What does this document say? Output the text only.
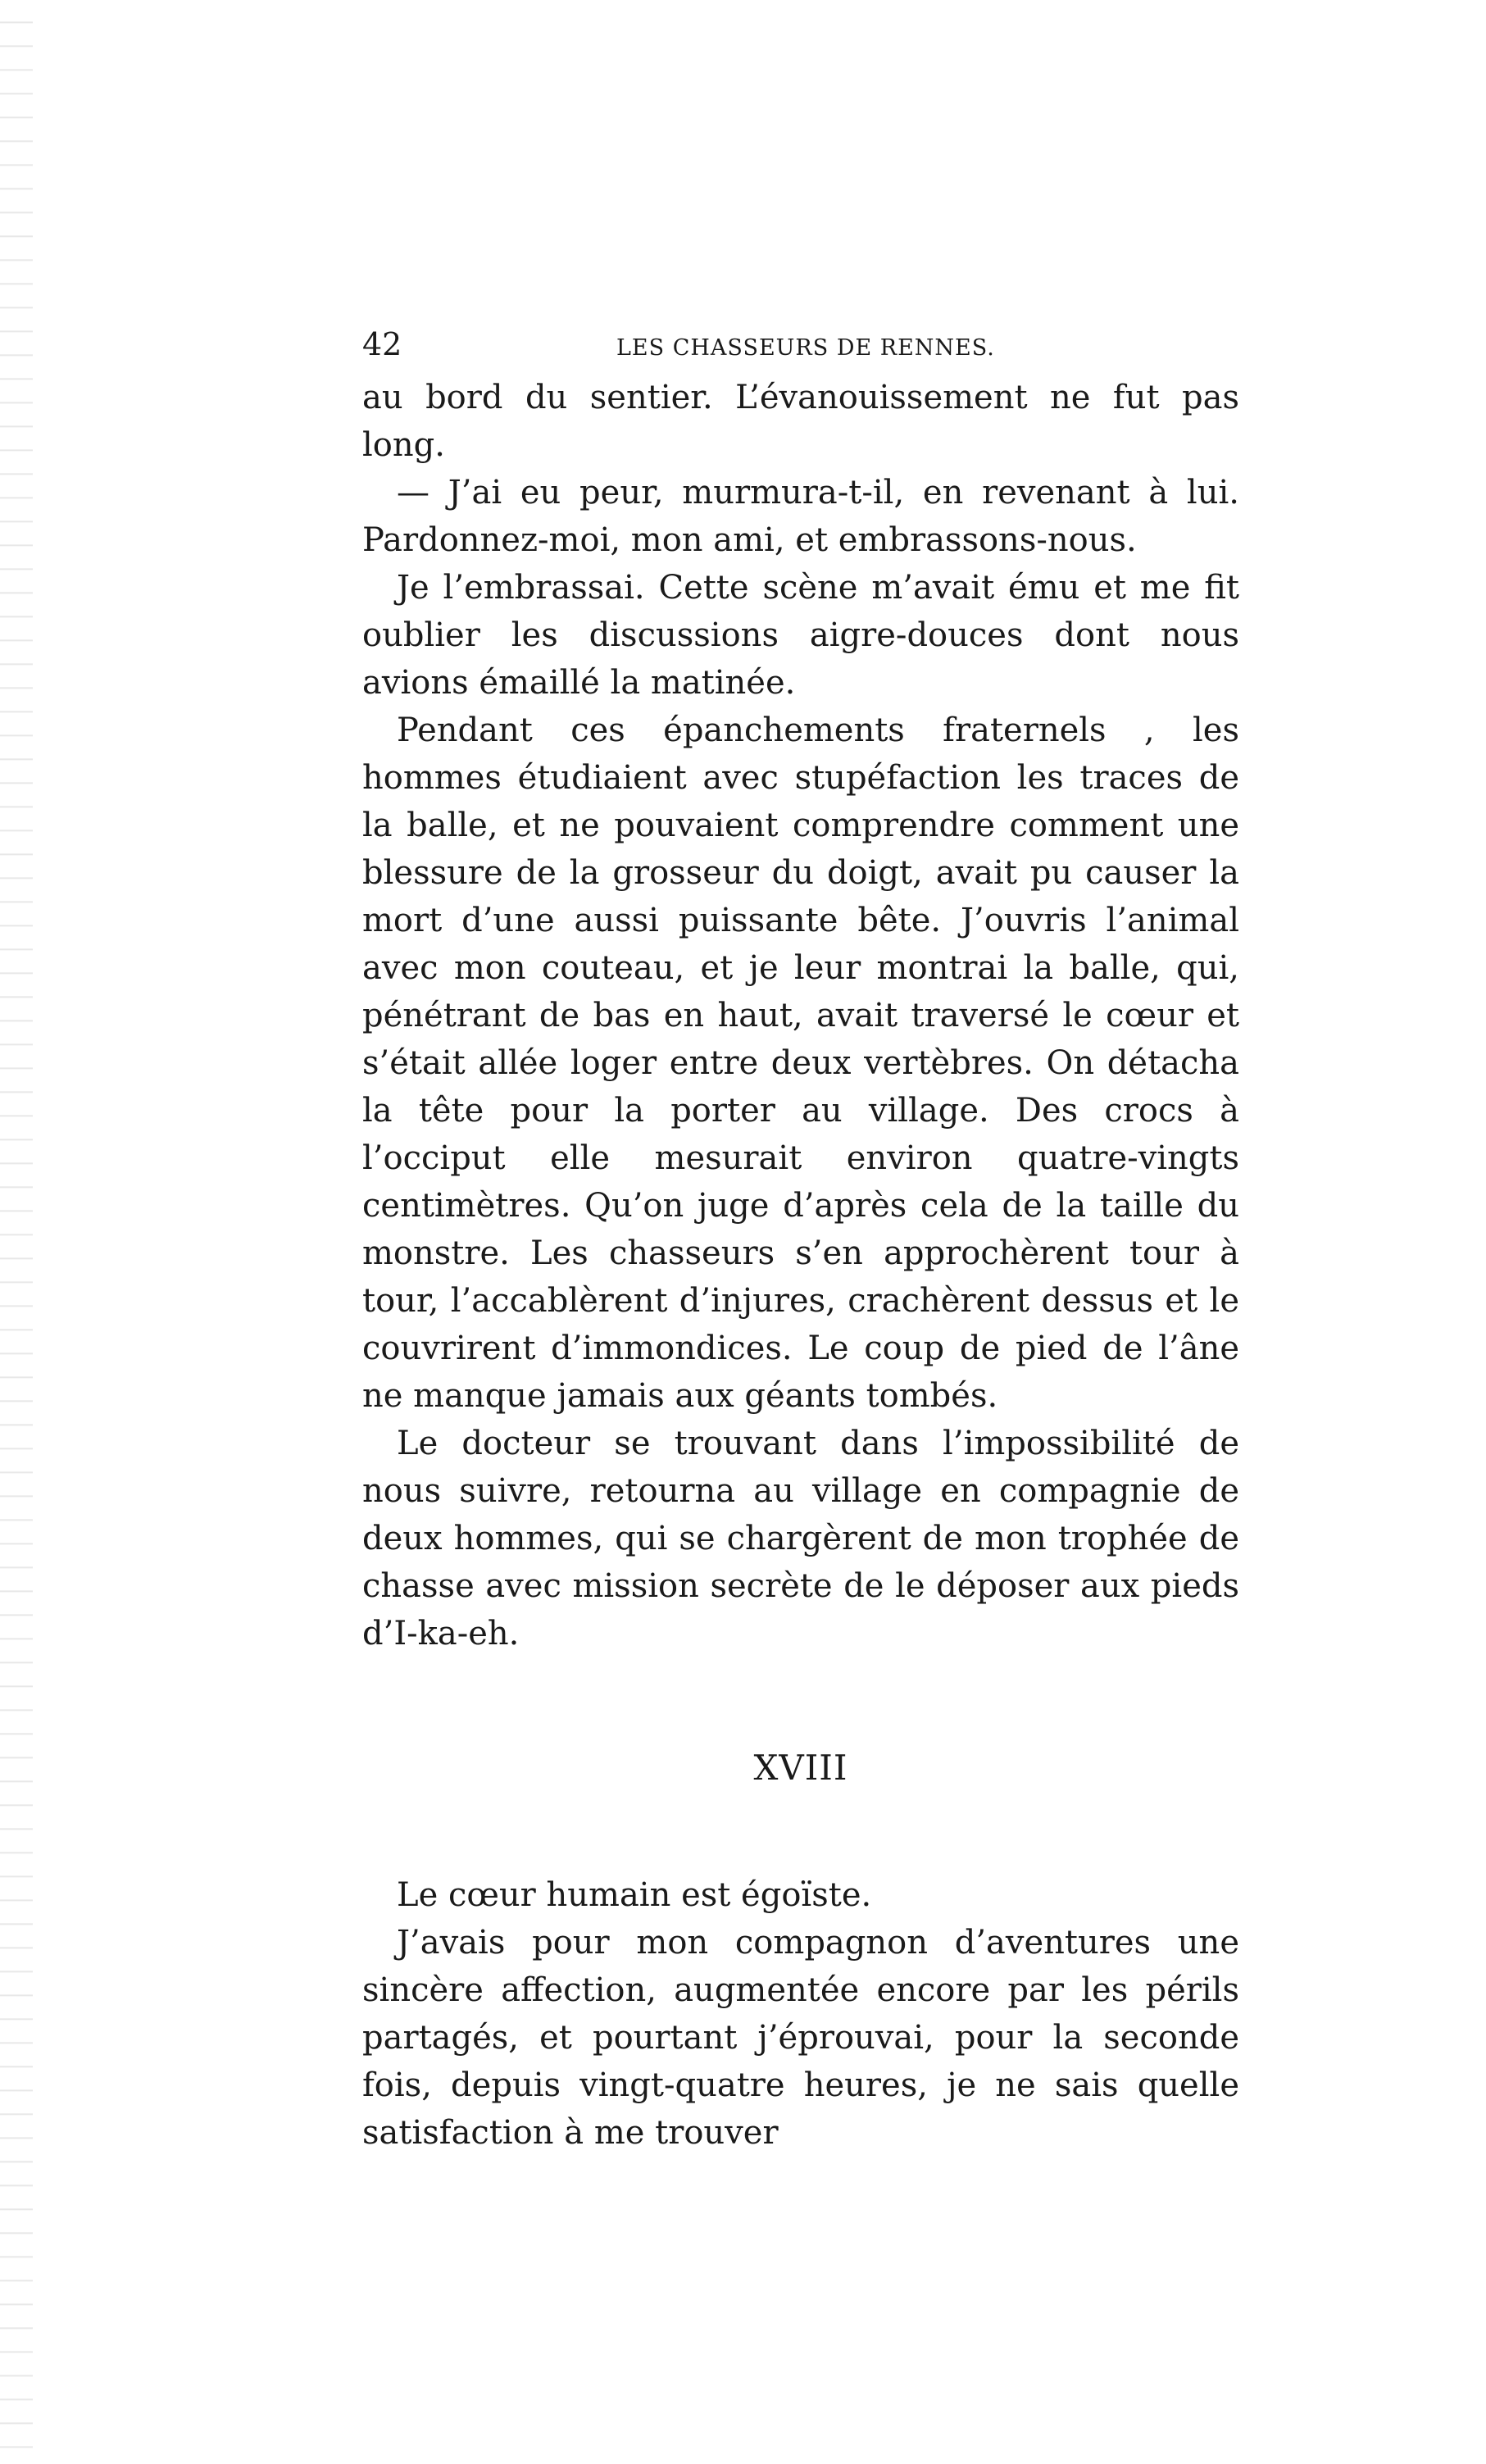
42	LES CHASSEURS DE RENNES.

au bord du sentier. L’évanouissement ne fut pas long.

— J’ai eu peur, murmura-t-il, en revenant à lui. Pardonnez-moi, mon ami, et embrassons-nous.

Je l’embrassai. Cette scène m’avait ému et me fit oublier les discussions aigre-douces dont nous avions émaillé la matinée.

Pendant ces épanchements fraternels , les hommes étudiaient avec stupéfaction les traces de la balle, et ne pouvaient comprendre comment une blessure de la grosseur du doigt, avait pu causer la mort d’une aussi puissante bête. J’ouvris l’animal avec mon couteau, et je leur montrai la balle, qui, pénétrant de bas en haut, avait traversé le cœur et s’était allée loger entre deux vertèbres. On détacha la tête pour la porter au village. Des crocs à l’occiput elle mesurait environ quatre-vingts centimètres. Qu’on juge d’après cela de la taille du monstre. Les chasseurs s’en approchèrent tour à tour, l’accablèrent d’injures, crachèrent dessus et le couvrirent d’immondices. Le coup de pied de l’âne ne manque jamais aux géants tombés.

Le docteur se trouvant dans l’impossibilité de nous suivre, retourna au village en compagnie de deux hommes, qui se chargèrent de mon trophée de chasse avec mission secrète de le déposer aux pieds d’I-ka-eh.

XVIII

Le cœur humain est égoïste.

J’avais pour mon compagnon d’aventures une sincère affection, augmentée encore par les périls partagés, et pourtant j’éprouvai, pour la seconde fois, depuis vingt-quatre heures, je ne sais quelle satisfaction à me trouver
